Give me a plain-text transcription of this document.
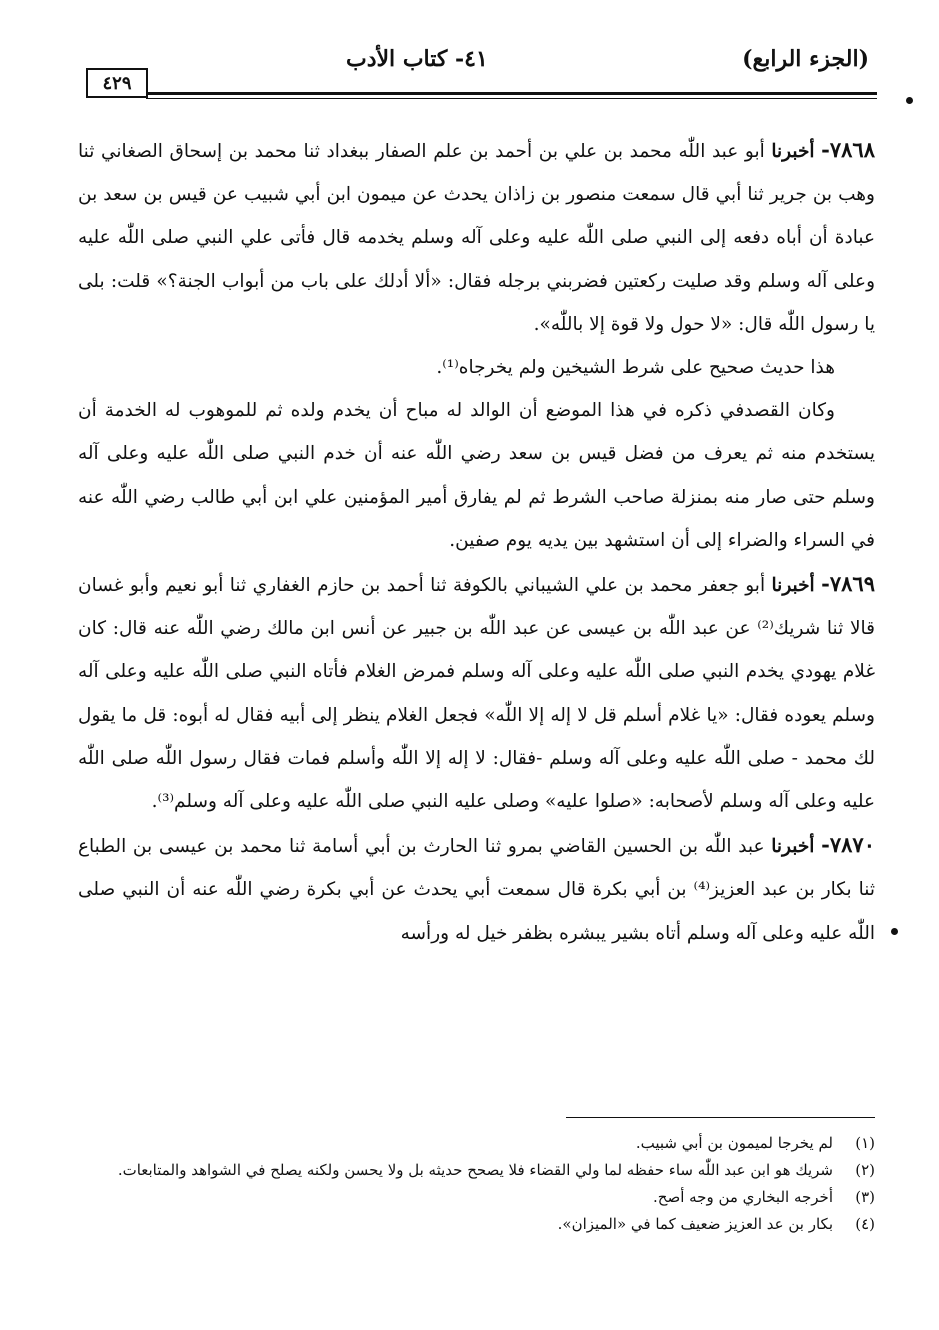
(الجزء الرابع)
٤١- كتاب الأدب
٤٢٩

٧٨٦٨- أخبرنا أبو عبد اللّٰه محمد بن علي بن أحمد بن علم الصفار ببغداد ثنا محمد بن إسحاق الصغاني ثنا وهب بن جرير ثنا أبي قال سمعت منصور بن زاذان يحدث عن ميمون ابن أبي شبيب عن قيس بن سعد بن عبادة أن أباه دفعه إلى النبي صلى اللّٰه عليه وعلى آله وسلم يخدمه قال فأتى علي النبي صلى اللّٰه عليه وعلى آله وسلم وقد صليت ركعتين فضربني برجله فقال: «ألا أدلك على باب من أبواب الجنة؟» قلت: بلى يا رسول اللّٰه قال: «لا حول ولا قوة إلا باللّٰه».

هذا حديث صحيح على شرط الشيخين ولم يخرجاه⁽¹⁾.

وكان القصدفي ذكره في هذا الموضع أن الوالد له مباح أن يخدم ولده ثم للموهوب له الخدمة أن يستخدم منه ثم يعرف من فضل قيس بن سعد رضي اللّٰه عنه أن خدم النبي صلى اللّٰه عليه وعلى آله وسلم حتى صار منه بمنزلة صاحب الشرط ثم لم يفارق أمير المؤمنين علي ابن أبي طالب رضي اللّٰه عنه في السراء والضراء إلى أن استشهد بين يديه يوم صفين.

٧٨٦٩- أخبرنا أبو جعفر محمد بن علي الشيباني بالكوفة ثنا أحمد بن حازم الغفاري ثنا أبو نعيم وأبو غسان قالا ثنا شريك⁽²⁾ عن عبد اللّٰه بن عيسى عن عبد اللّٰه بن جبير عن أنس ابن مالك رضي اللّٰه عنه قال: كان غلام يهودي يخدم النبي صلى اللّٰه عليه وعلى آله وسلم فمرض الغلام فأتاه النبي صلى اللّٰه عليه وعلى آله وسلم يعوده فقال: «يا غلام أسلم قل لا إله إلا اللّٰه» فجعل الغلام ينظر إلى أبيه فقال له أبوه: قل ما يقول لك محمد - صلى اللّٰه عليه وعلى آله وسلم -فقال: لا إله إلا اللّٰه وأسلم فمات فقال رسول اللّٰه صلى اللّٰه عليه وعلى آله وسلم لأصحابه: «صلوا عليه» وصلى عليه النبي صلى اللّٰه عليه وعلى آله وسلم⁽³⁾.

٧٨٧٠- أخبرنا عبد اللّٰه بن الحسين القاضي بمرو ثنا الحارث بن أبي أسامة ثنا محمد بن عيسى بن الطباع ثنا بكار بن عبد العزيز⁽⁴⁾ بن أبي بكرة قال سمعت أبي يحدث عن أبي بكرة رضي اللّٰه عنه أن النبي صلى اللّٰه عليه وعلى آله وسلم أتاه بشير يبشره بظفر خيل له ورأسه

(١)
لم يخرجا لميمون بن أبي شبيب.
(٢)
شريك هو ابن عبد اللّٰه ساء حفظه لما ولي القضاء فلا يصحح حديثه بل ولا يحسن ولكنه يصلح في الشواهد والمتابعات.
(٣)
أخرجه البخاري من وجه أصح.
(٤)
بكار بن عد العزيز ضعيف كما في «الميزان».
